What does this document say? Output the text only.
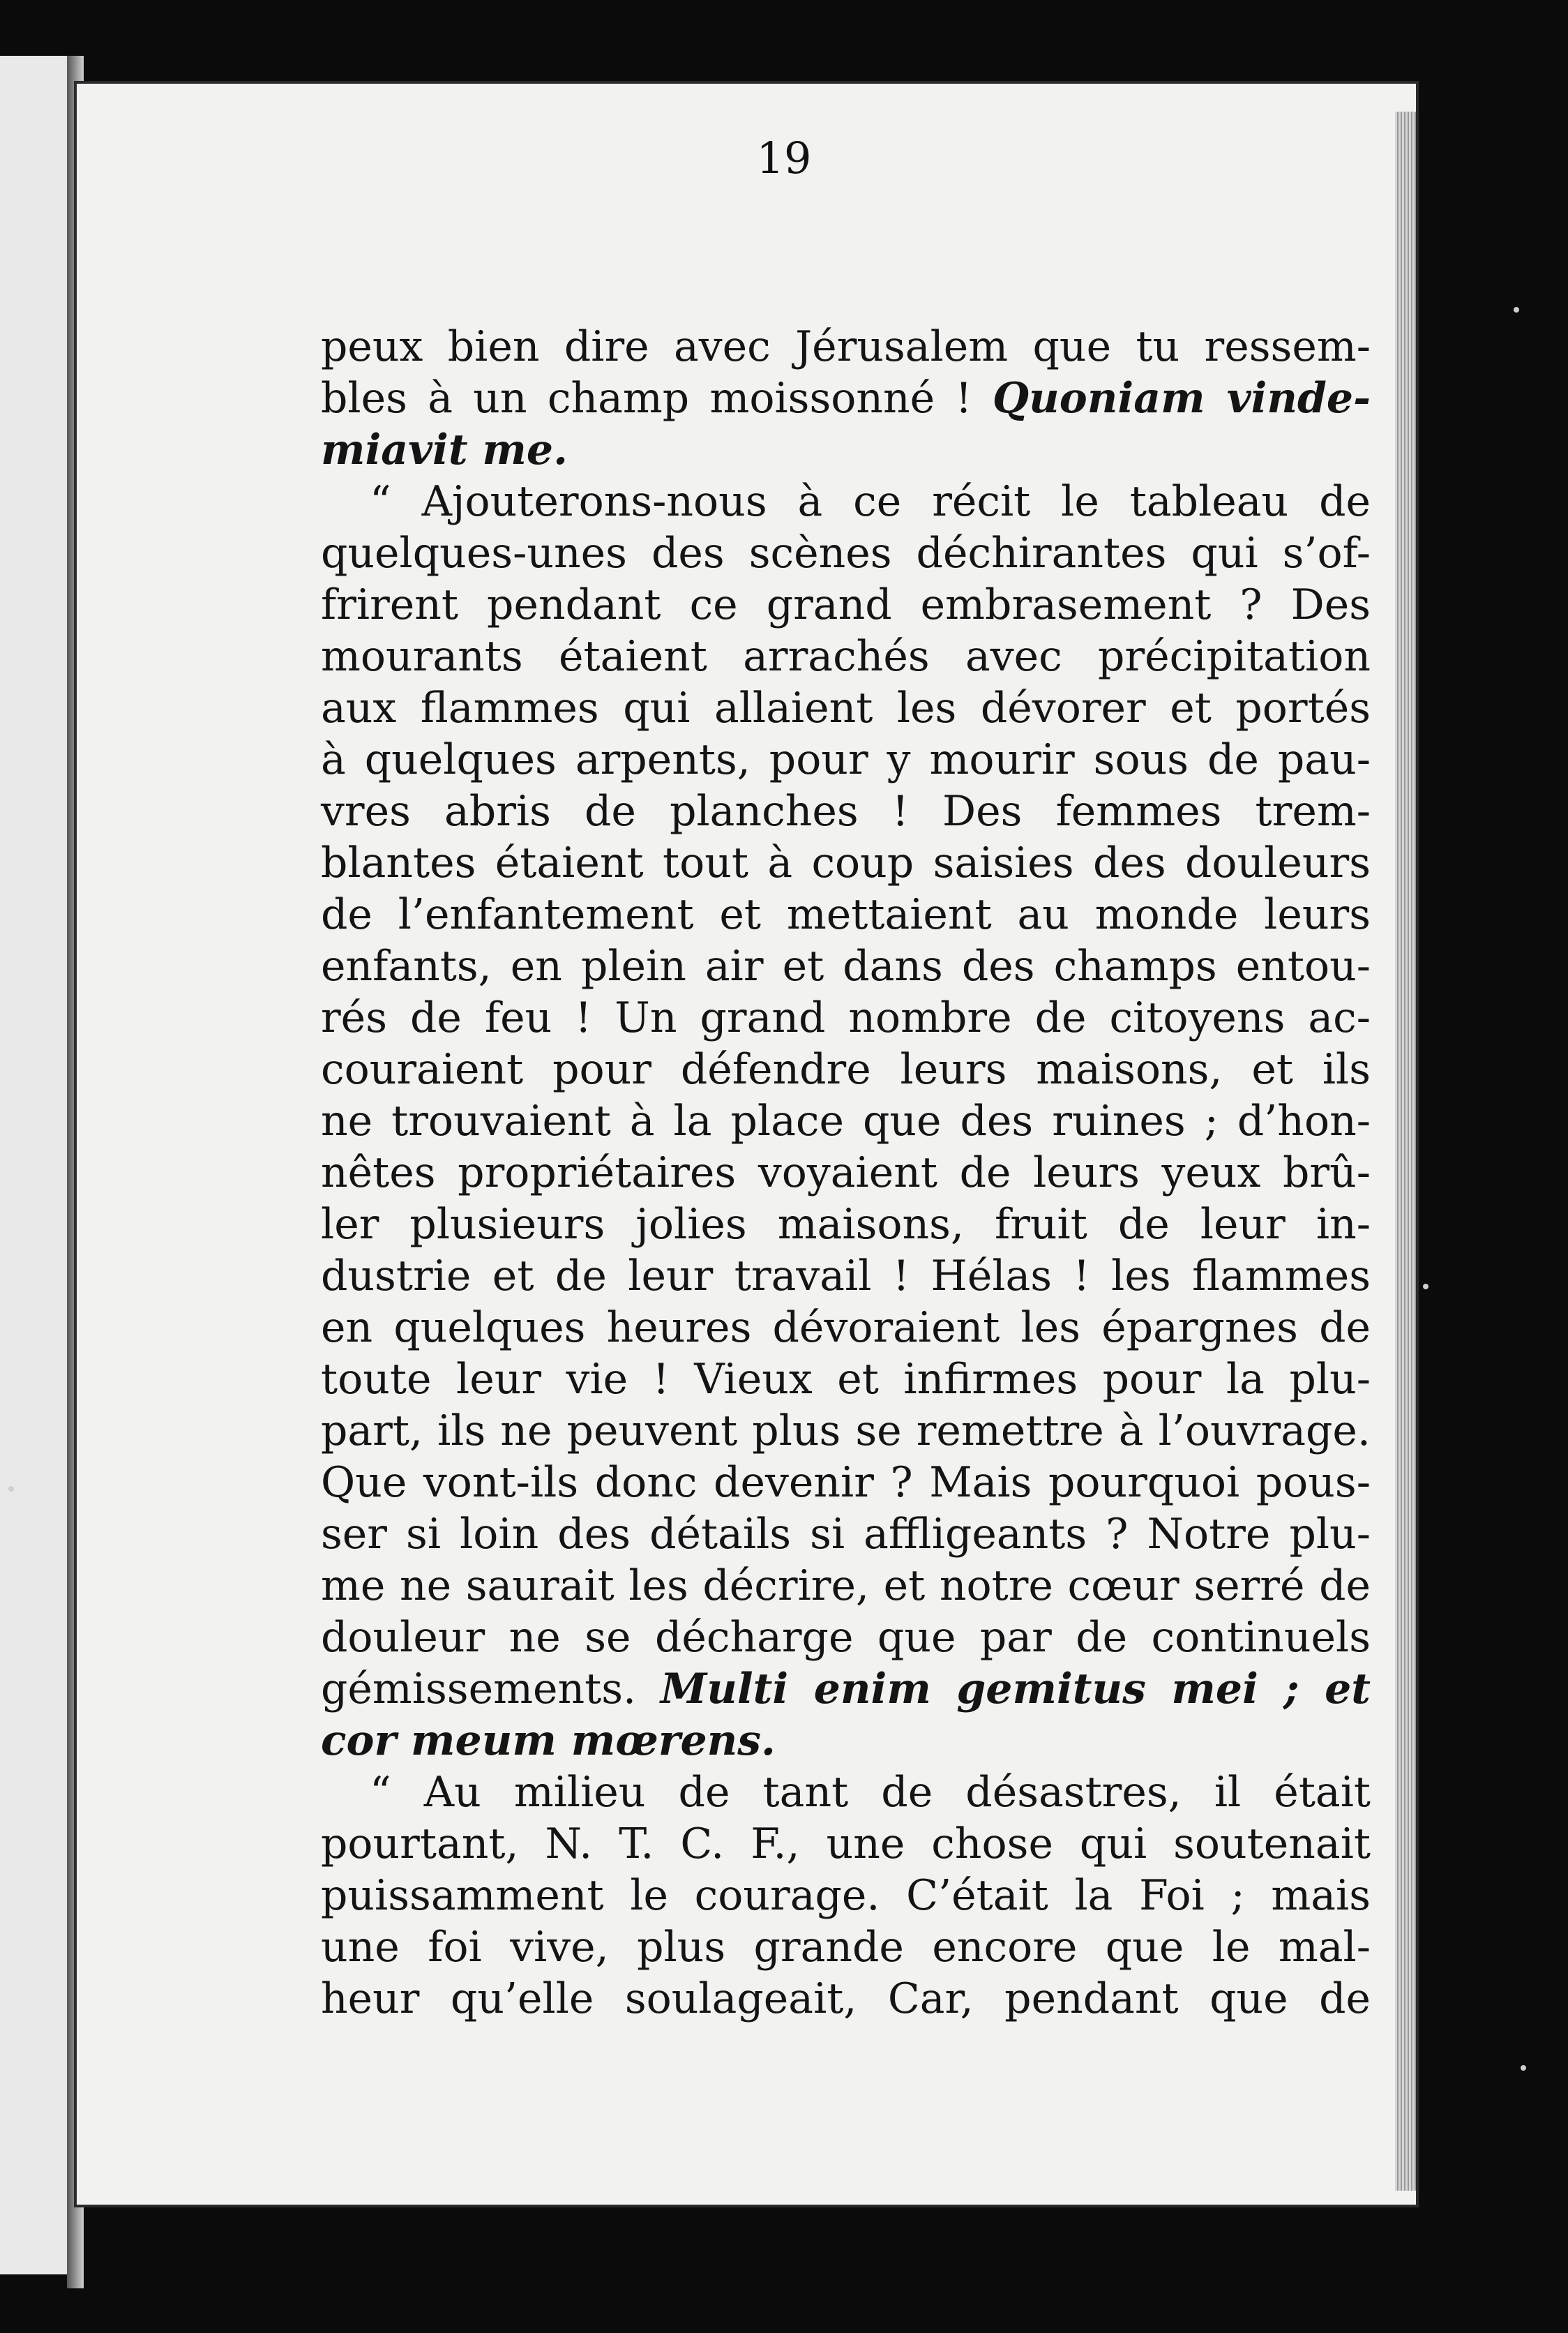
19
peux bien dire avec Jérusalem que tu ressem-
bles à un champ moissonné ! Quoniam vinde-
miavit me.
“ Ajouterons-nous à ce récit le tableau de
quelques-unes des scènes déchirantes qui s’of-
frirent pendant ce grand embrasement ? Des
mourants étaient arrachés avec précipitation
aux flammes qui allaient les dévorer et portés
à quelques arpents, pour y mourir sous de pau-
vres abris de planches ! Des femmes trem-
blantes étaient tout à coup saisies des douleurs
de l’enfantement et mettaient au monde leurs
enfants, en plein air et dans des champs entou-
rés de feu ! Un grand nombre de citoyens ac-
couraient pour défendre leurs maisons, et ils
ne trouvaient à la place que des ruines ; d’hon-
nêtes propriétaires voyaient de leurs yeux brû-
ler plusieurs jolies maisons, fruit de leur in-
dustrie et de leur travail ! Hélas ! les flammes
en quelques heures dévoraient les épargnes de
toute leur vie ! Vieux et infirmes pour la plu-
part, ils ne peuvent plus se remettre à l’ouvrage.
Que vont-ils donc devenir ? Mais pourquoi pous-
ser si loin des détails si affligeants ? Notre plu-
me ne saurait les décrire, et notre cœur serré de
douleur ne se décharge que par de continuels
gémissements. Multi enim gemitus mei ; et
cor meum mœrens.
“ Au milieu de tant de désastres, il était
pourtant, N. T. C. F., une chose qui soutenait
puissamment le courage. C’était la Foi ; mais
une foi vive, plus grande encore que le mal-
heur qu’elle soulageait, Car, pendant que de
